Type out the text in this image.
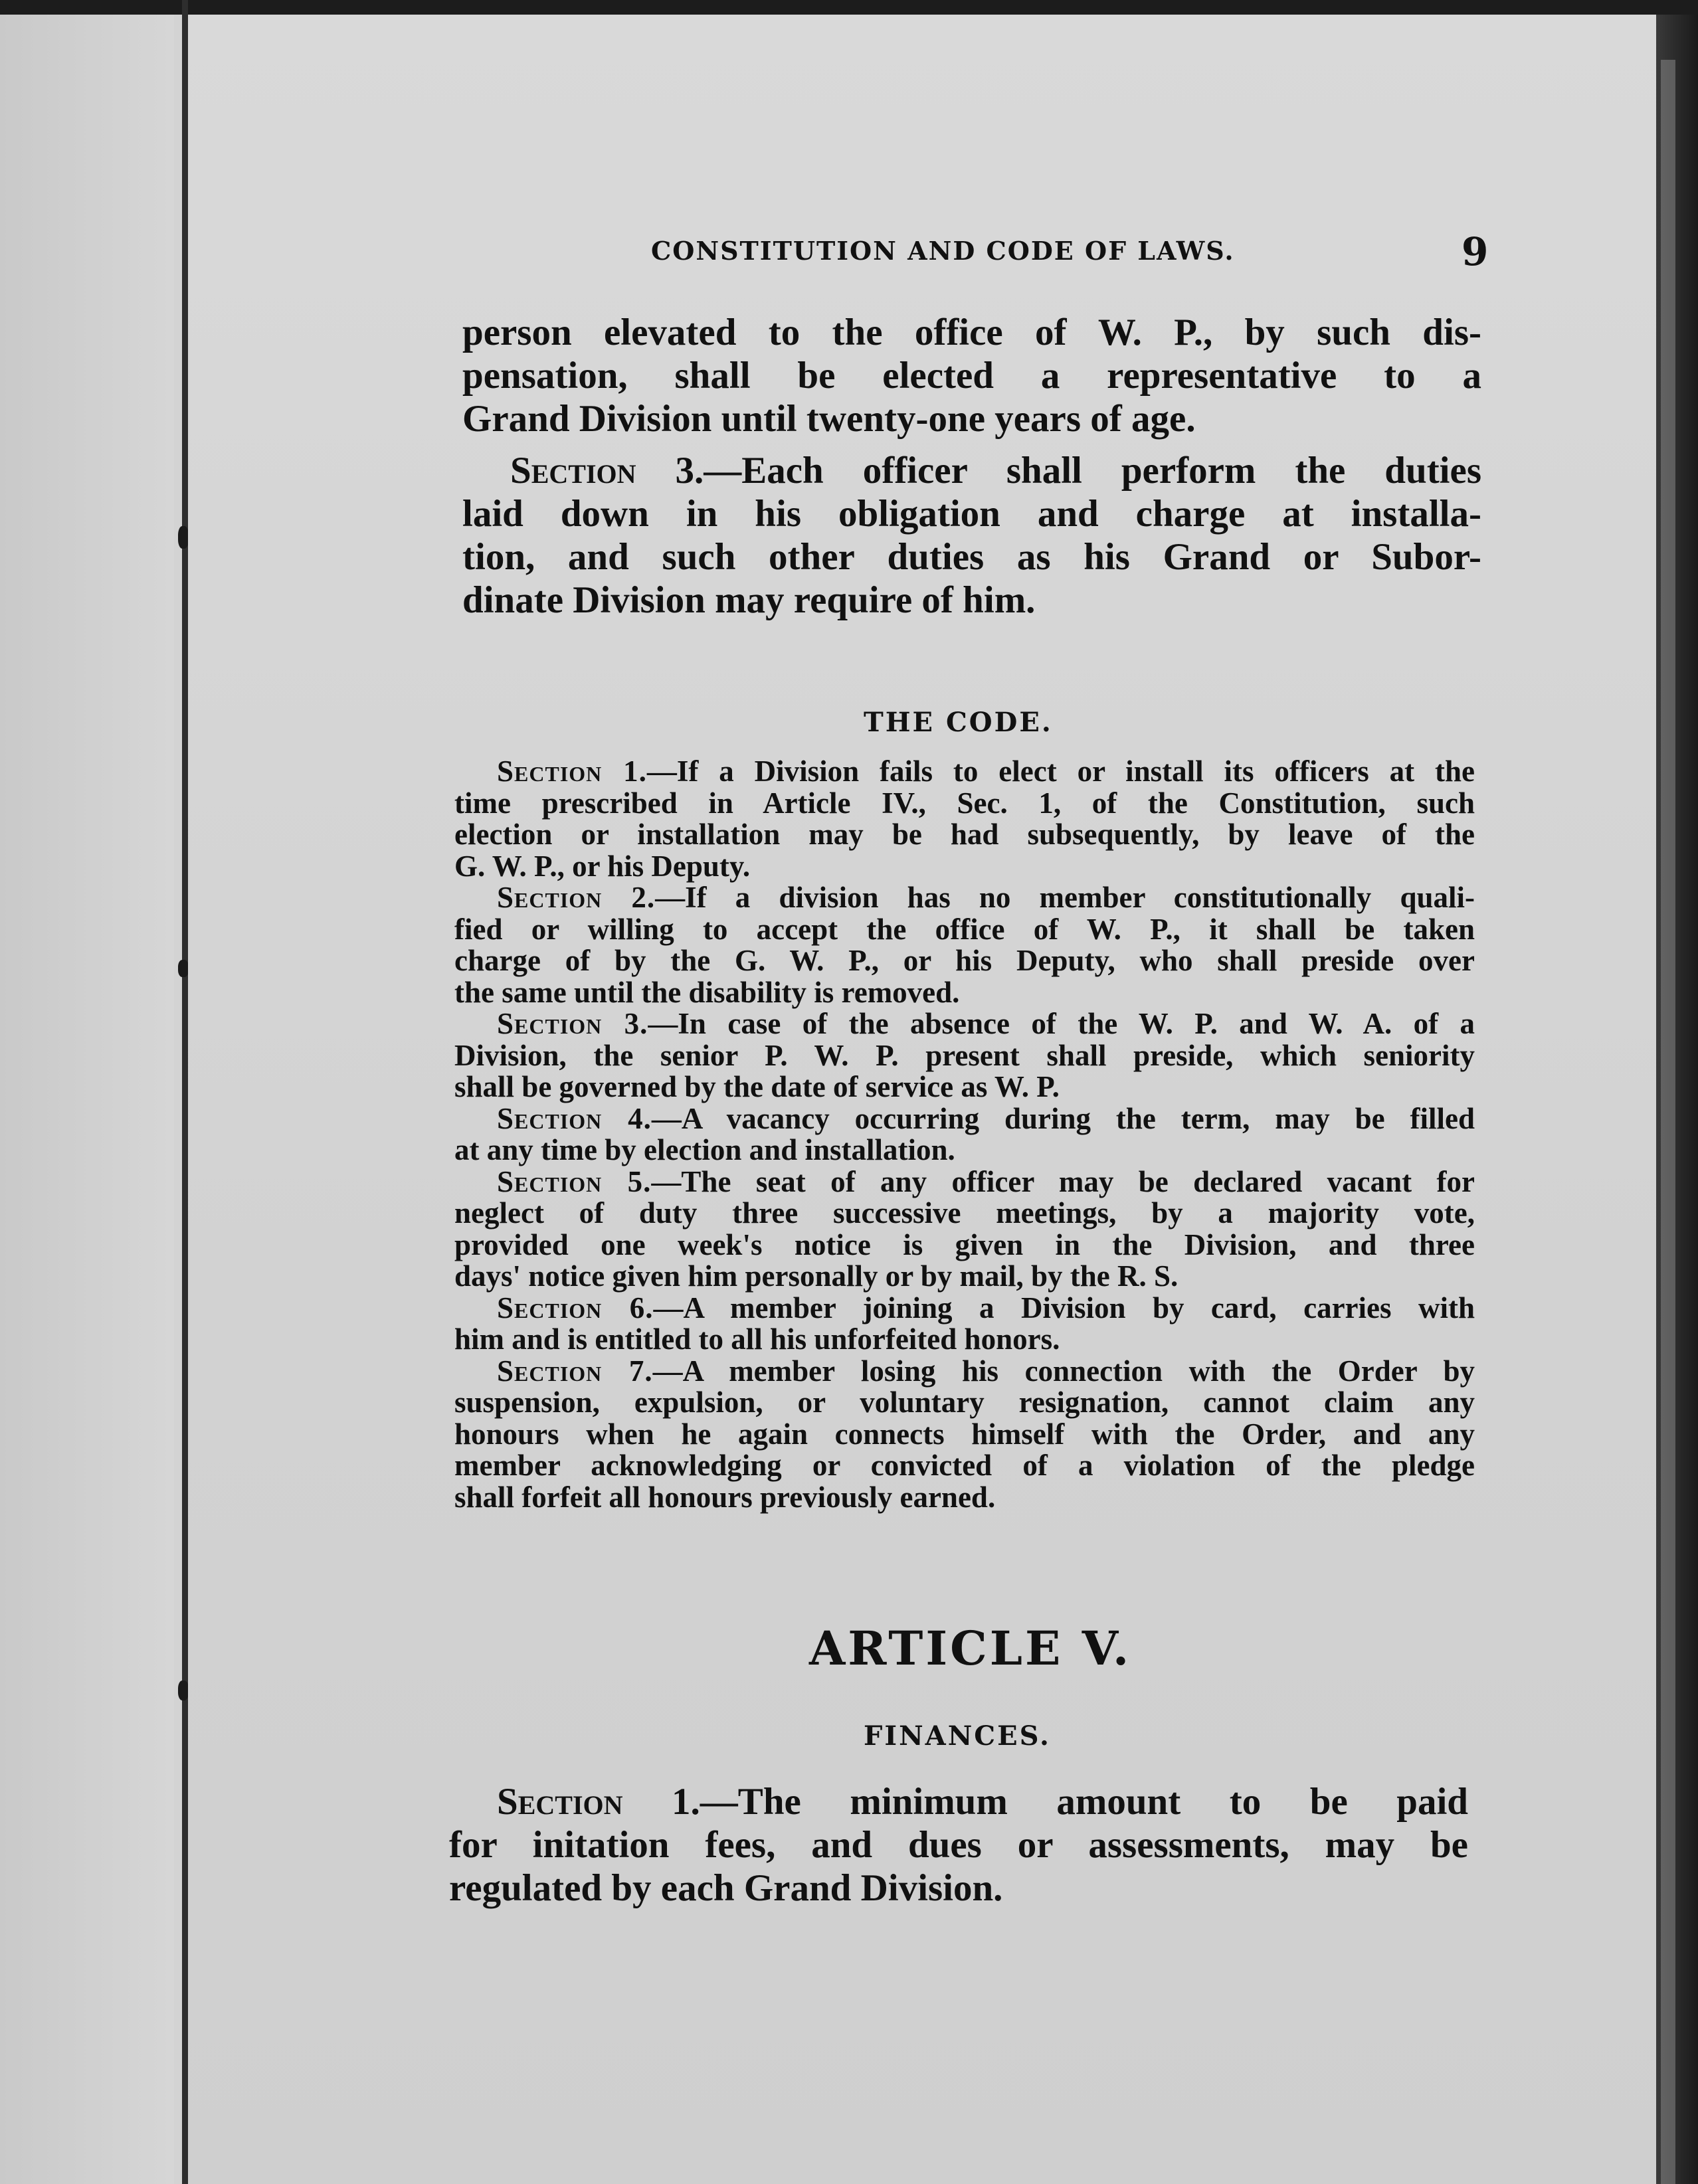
CONSTITUTION AND CODE OF LAWS.	9
person elevated to the office of W. P., by such dis-
pensation, shall be elected a representative to a
Grand Division until twenty-one years of age.
Section 3.—Each officer shall perform the duties
laid down in his obligation and charge at installa-
tion, and such other duties as his Grand or Subor-
dinate Division may require of him.
THE CODE.

Section 1.—If a Division fails to elect or install its officers at the
time prescribed in Article IV., Sec. 1, of the Constitution, such
election or installation may be had subsequently, by leave of the
G. W. P., or his Deputy.

Section 2.—If a division has no member constitutionally quali-
fied or willing to accept the office of W. P., it shall be taken
charge of by the G. W. P., or his Deputy, who shall preside over
the same until the disability is removed.

Section 3.—In case of the absence of the W. P. and W. A. of a
Division, the senior P. W. P. present shall preside, which seniority
shall be governed by the date of service as W. P.

Section 4.—A vacancy occurring during the term, may be filled
at any time by election and installation.

Section 5.—The seat of any officer may be declared vacant for
neglect of duty three successive meetings, by a majority vote,
provided one week's notice is given in the Division, and three
days' notice given him personally or by mail, by the R. S.

Section 6.—A member joining a Division by card, carries with
him and is entitled to all his unforfeited honors.

Section 7.—A member losing his connection with the Order by
suspension, expulsion, or voluntary resignation, cannot claim any
honours when he again connects himself with the Order, and any
member acknowledging or convicted of a violation of the pledge
shall forfeit all honours previously earned.

ARTICLE V.
FINANCES.
Section 1.—The minimum amount to be paid
for initation fees, and dues or assessments, may be
regulated by each Grand Division.
